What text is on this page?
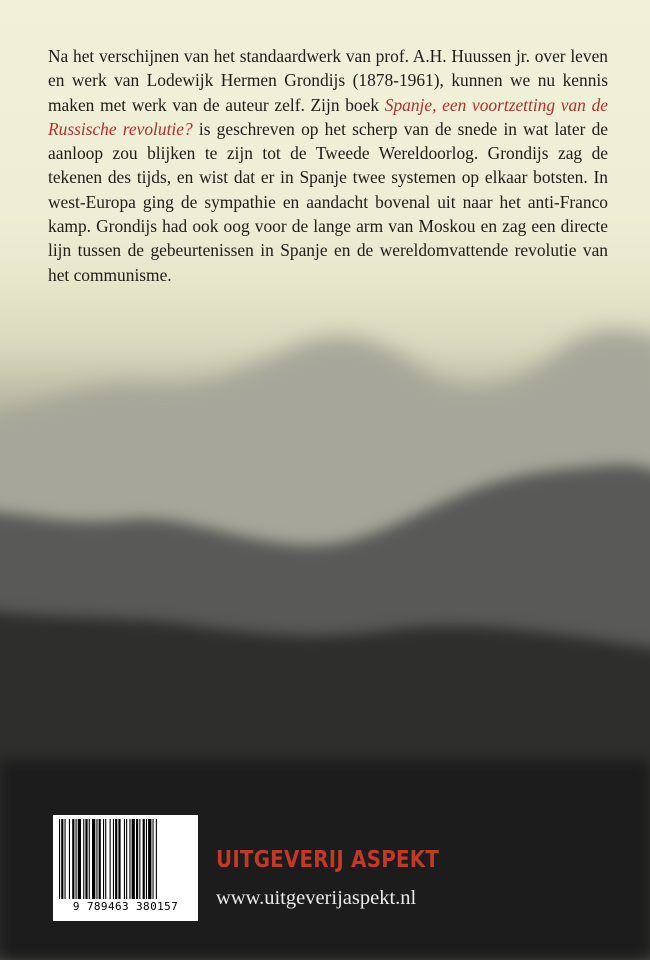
Na het verschijnen van het standaardwerk van prof. A.H. Huussen jr. over leven en werk van Lodewijk Hermen Grondijs (1878-1961), kunnen we nu kennis maken met werk van de auteur zelf. Zijn boek Spanje, een voortzetting van de Russische revolutie? is geschreven op het scherp van de snede in wat later de aanloop zou blijken te zijn tot de Tweede Wereldoorlog. Grondijs zag de tekenen des tijds, en wist dat er in Spanje twee systemen op elkaar botsten. In west-Europa ging de sympathie en aandacht bovenal uit naar het anti-Franco kamp. Grondijs had ook oog voor de lange arm van Moskou en zag een directe lijn tussen de gebeurtenissen in Spanje en de wereldomvattende revolutie van het communisme.

9 789463 380157
UITGEVERIJ ASPEKT
www.uitgeverijaspekt.nl
